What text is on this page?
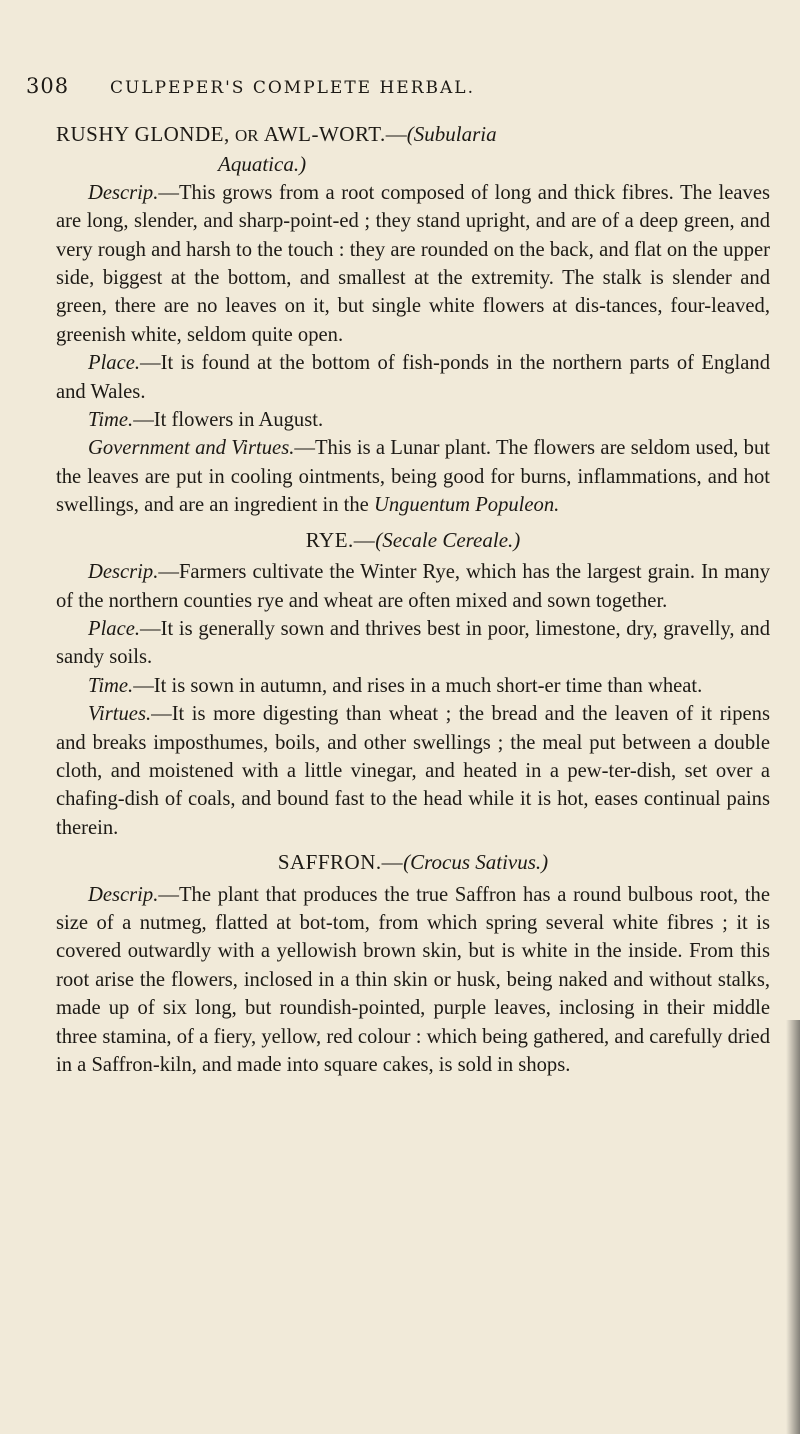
308 CULPEPER'S COMPLETE HERBAL.
RUSHY GLONDE, OR AWL-WORT.—(Subularia
Aquatica.)

Descrip.—This grows from a root composed of long and thick fibres. The leaves are long, slender, and sharp-point-ed ; they stand upright, and are of a deep green, and very rough and harsh to the touch : they are rounded on the back, and flat on the upper side, biggest at the bottom, and smallest at the extremity. The stalk is slender and green, there are no leaves on it, but single white flowers at dis-tances, four-leaved, greenish white, seldom quite open.

Place.—It is found at the bottom of fish-ponds in the northern parts of England and Wales.

Time.—It flowers in August.

Government and Virtues.—This is a Lunar plant. The flowers are seldom used, but the leaves are put in cooling ointments, being good for burns, inflammations, and hot swellings, and are an ingredient in the Unguentum Populeon.

RYE.—(Secale Cereale.)

Descrip.—Farmers cultivate the Winter Rye, which has the largest grain. In many of the northern counties rye and wheat are often mixed and sown together.

Place.—It is generally sown and thrives best in poor, limestone, dry, gravelly, and sandy soils.

Time.—It is sown in autumn, and rises in a much short-er time than wheat.

Virtues.—It is more digesting than wheat ; the bread and the leaven of it ripens and breaks imposthumes, boils, and other swellings ; the meal put between a double cloth, and moistened with a little vinegar, and heated in a pew-ter-dish, set over a chafing-dish of coals, and bound fast to the head while it is hot, eases continual pains therein.

SAFFRON.—(Crocus Sativus.)

Descrip.—The plant that produces the true Saffron has a round bulbous root, the size of a nutmeg, flatted at bot-tom, from which spring several white fibres ; it is covered outwardly with a yellowish brown skin, but is white in the inside. From this root arise the flowers, inclosed in a thin skin or husk, being naked and without stalks, made up of six long, but roundish-pointed, purple leaves, inclosing in their middle three stamina, of a fiery, yellow, red colour : which being gathered, and carefully dried in a Saffron-kiln, and made into square cakes, is sold in shops.
